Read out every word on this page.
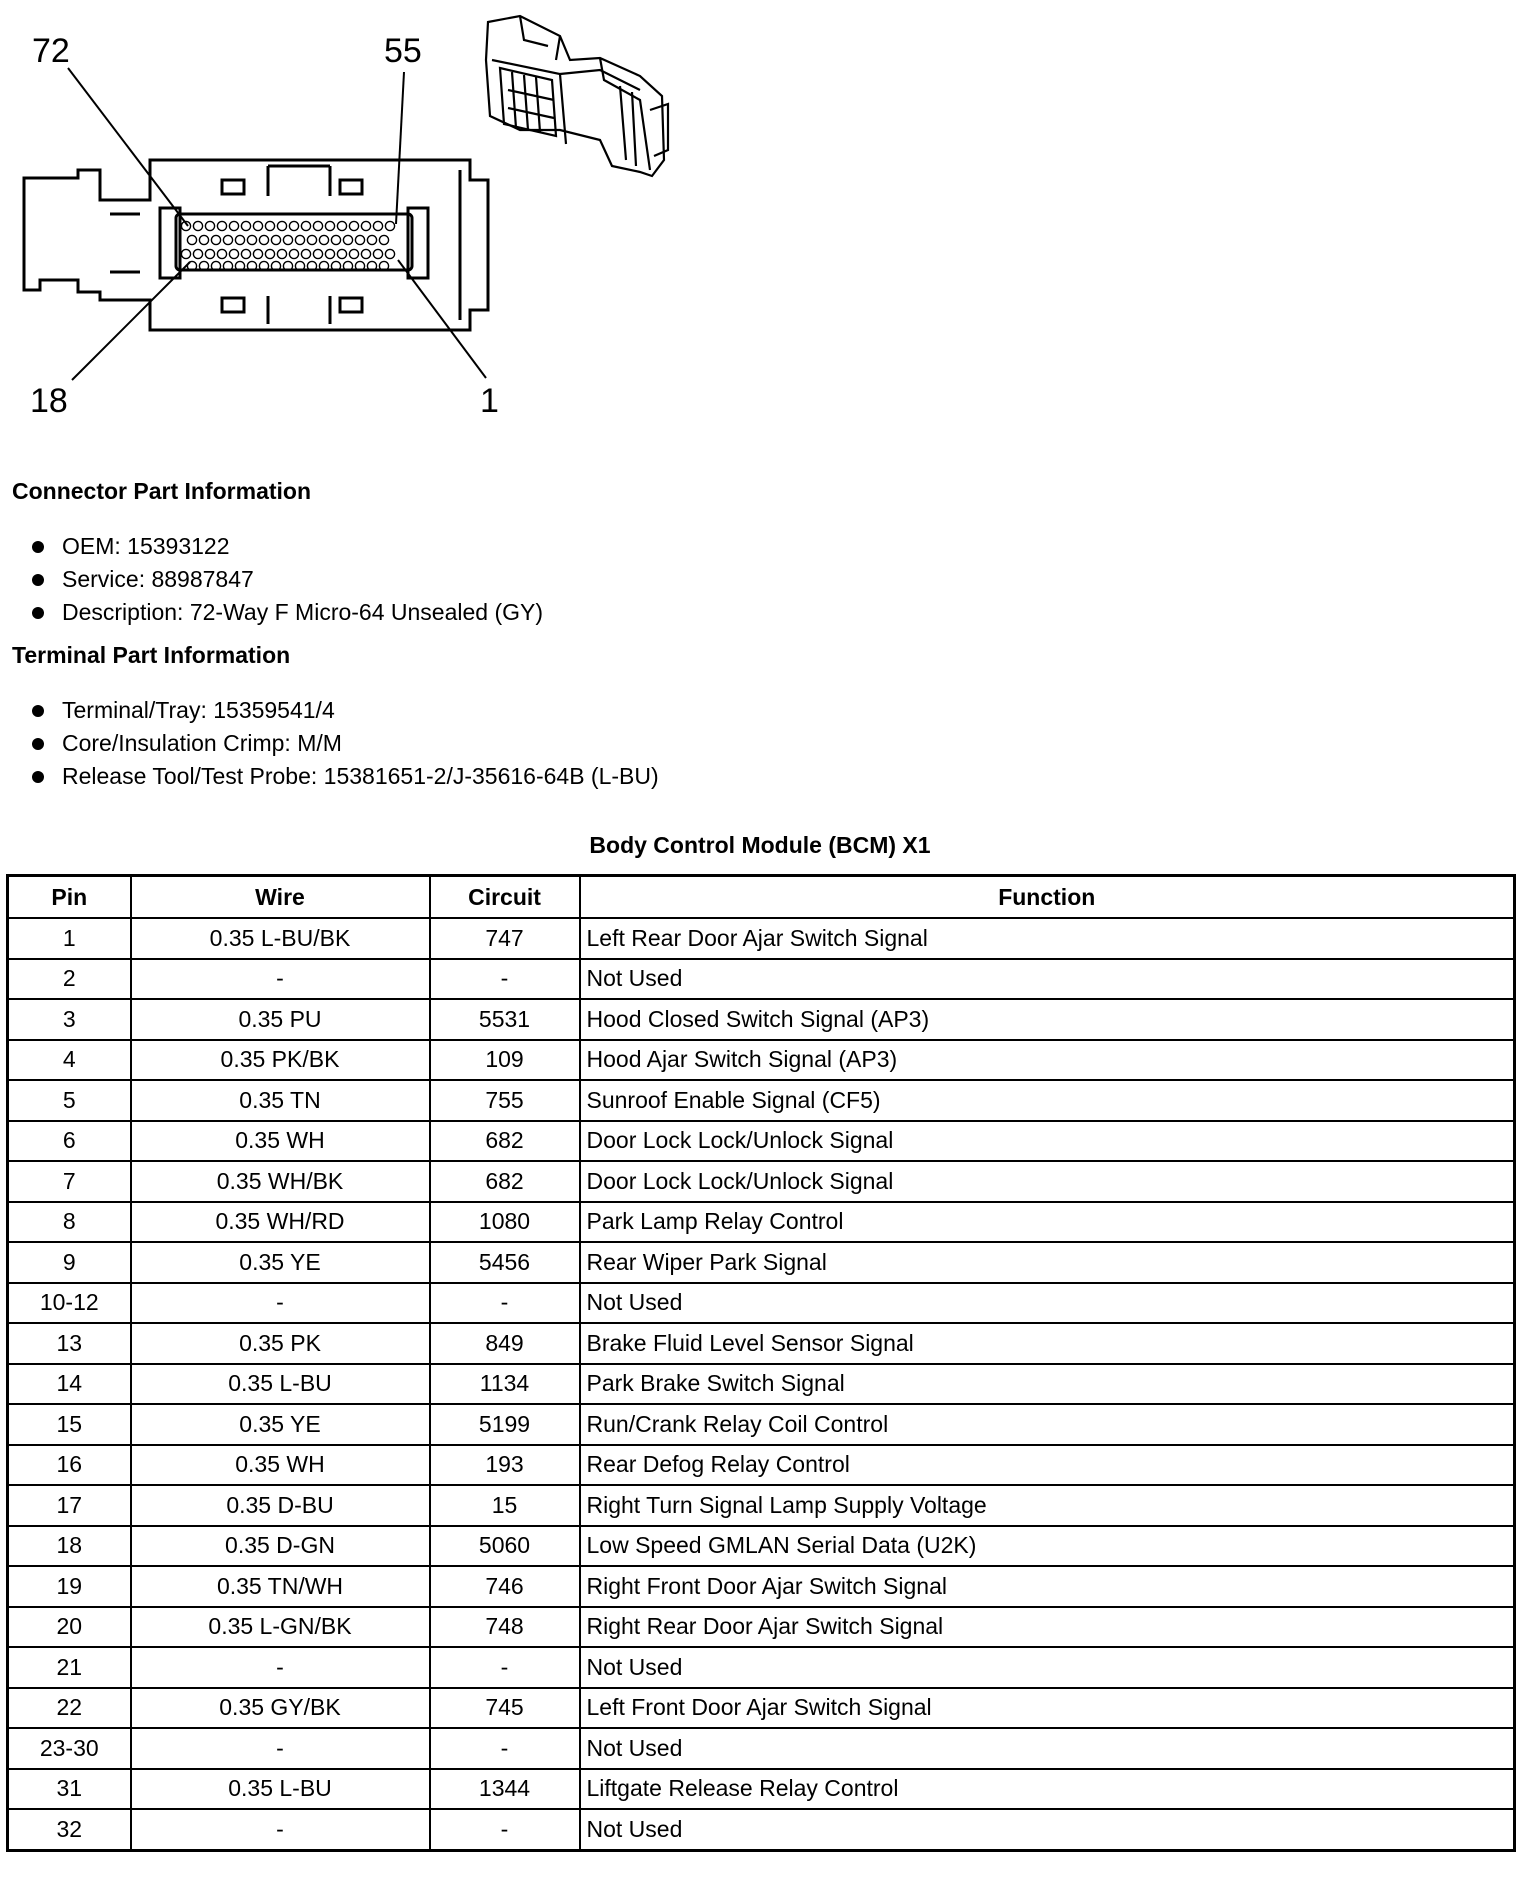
72	55
18	1
Connector Part Information
OEM: 15393122
Service: 88987847
Description: 72-Way F Micro-64 Unsealed (GY)
Terminal Part Information
Terminal/Tray: 15359541/4
Core/Insulation Crimp: M/M
Release Tool/Test Probe: 15381651-2/J-35616-64B (L-BU)
Body Control Module (BCM) X1
Pin	Wire	Circuit	Function
1	0.35 L-BU/BK	747	Left Rear Door Ajar Switch Signal
2	-	-	Not Used
3	0.35 PU	5531	Hood Closed Switch Signal (AP3)
4	0.35 PK/BK	109	Hood Ajar Switch Signal (AP3)
5	0.35 TN	755	Sunroof Enable Signal (CF5)
6	0.35 WH	682	Door Lock Lock/Unlock Signal
7	0.35 WH/BK	682	Door Lock Lock/Unlock Signal
8	0.35 WH/RD	1080	Park Lamp Relay Control
9	0.35 YE	5456	Rear Wiper Park Signal
10-12	-	-	Not Used
13	0.35 PK	849	Brake Fluid Level Sensor Signal
14	0.35 L-BU	1134	Park Brake Switch Signal
15	0.35 YE	5199	Run/Crank Relay Coil Control
16	0.35 WH	193	Rear Defog Relay Control
17	0.35 D-BU	15	Right Turn Signal Lamp Supply Voltage
18	0.35 D-GN	5060	Low Speed GMLAN Serial Data (U2K)
19	0.35 TN/WH	746	Right Front Door Ajar Switch Signal
20	0.35 L-GN/BK	748	Right Rear Door Ajar Switch Signal
21	-	-	Not Used
22	0.35 GY/BK	745	Left Front Door Ajar Switch Signal
23-30	-	-	Not Used
31	0.35 L-BU	1344	Liftgate Release Relay Control
32	-	-	Not Used
